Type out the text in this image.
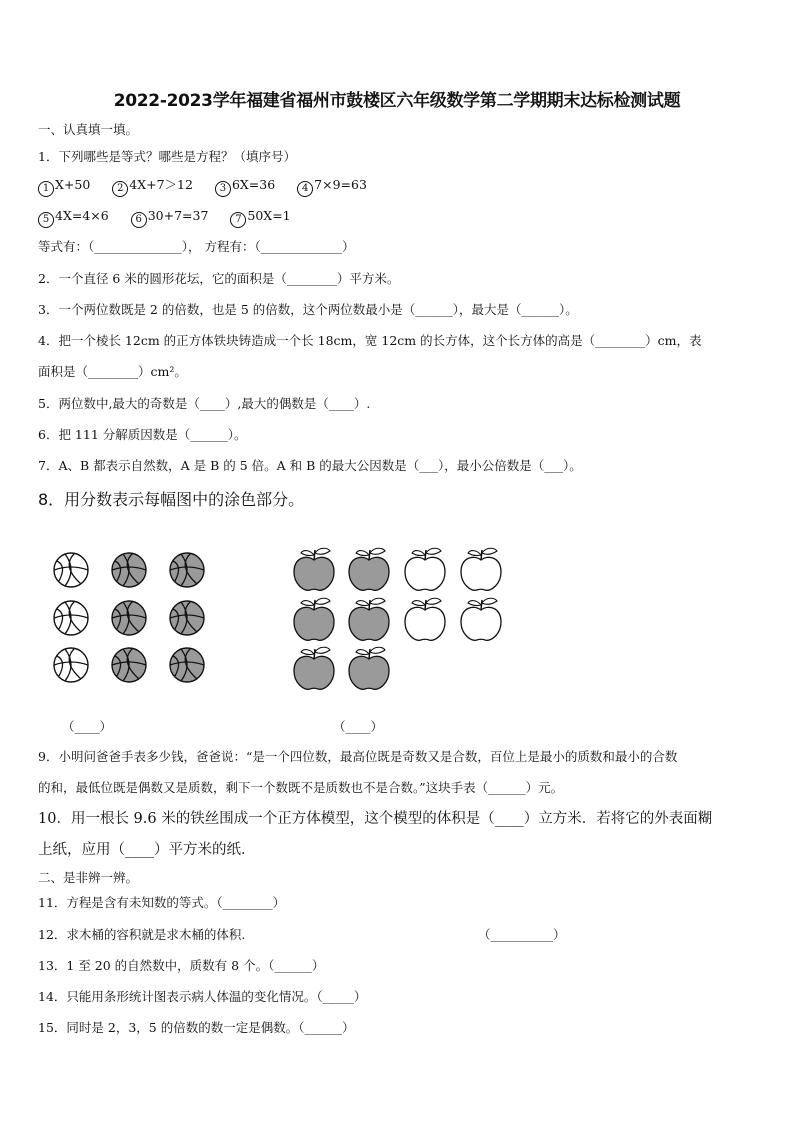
2022-2023学年福建省福州市鼓楼区六年级数学第二学期期末达标检测试题
一、认真填一填。
1．下列哪些是等式？哪些是方程？（填序号）
1 X+50	2 4X+7＞12	3 6X=36	4 7×9=63
5 4X=4×6	6 30+7=37	7 50X=1
等式有：（______________）， 方程有：（_____________）
2．一个直径 6 米的圆形花坛，它的面积是（________）平方米。
3．一个两位数既是 2 的倍数，也是 5 的倍数，这个两位数最小是（______），最大是（______）。
4．把一个棱长 12cm 的正方体铁块铸造成一个长 18cm，宽 12cm 的长方体，这个长方体的高是（________）cm，表
面积是（________）cm²。
5．两位数中,最大的奇数是（____）,最大的偶数是（____）.
6．把 111 分解质因数是（______）。
7．A、B 都表示自然数，A 是 B 的 5 倍。A 和 B 的最大公因数是（___），最小公倍数是（___）。
8．用分数表示每幅图中的涂色部分。
（____）	（____）
9．小明问爸爸手表多少钱，爸爸说：“是一个四位数，最高位既是奇数又是合数，百位上是最小的质数和最小的合数
的和，最低位既是偶数又是质数，剩下一个数既不是质数也不是合数。”这块手表（______）元。
10．用一根长 9.6 米的铁丝围成一个正方体模型，这个模型的体积是（____）立方米．若将它的外表面糊
上纸，应用（____）平方米的纸．
二、是非辨一辨。
11．方程是含有未知数的等式。（________）
12．求木桶的容积就是求木桶的体积.	（__________）
13．1 至 20 的自然数中，质数有 8 个。（______）
14．只能用条形统计图表示病人体温的变化情况。（_____）
15．同时是 2，3，5 的倍数的数一定是偶数。（______）
